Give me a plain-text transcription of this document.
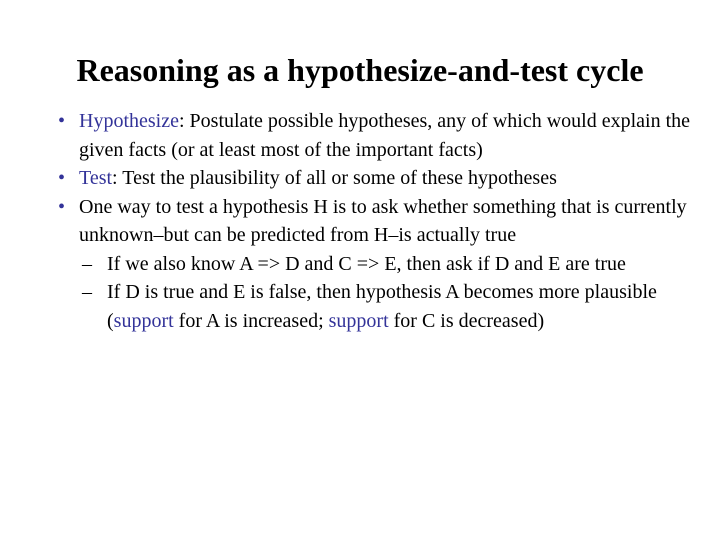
Reasoning as a hypothesize-and-test cycle
• Hypothesize: Postulate possible hypotheses, any of which would explain the given facts (or at least most of the important facts)
• Test: Test the plausibility of all or some of these hypotheses
• One way to test a hypothesis H is to ask whether something that is currently unknown–but can be predicted from H–is actually true
– If we also know A => D and C => E, then ask if D and E are true
– If D is true and E is false, then hypothesis A becomes more plausible (support for A is increased; support for C is decreased)
